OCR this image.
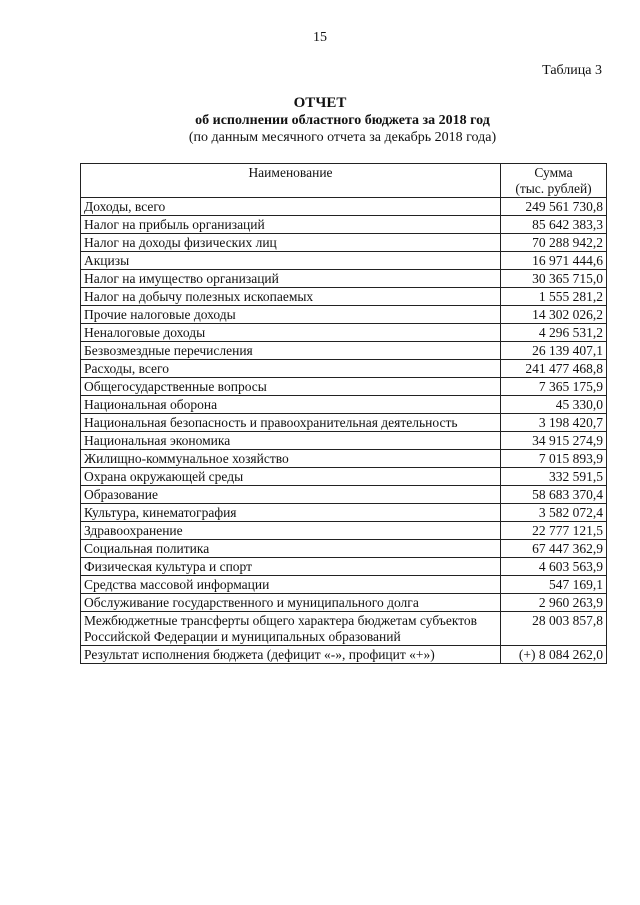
15
Таблица 3
ОТЧЕТ
об исполнении областного бюджета за 2018 год
(по данным месячного отчета за декабрь 2018 года)
Наименование	Сумма
(тыс. рублей)

Доходы, всего	249 561 730,8
Налог на прибыль организаций	85 642 383,3
Налог на доходы физических лиц	70 288 942,2
Акцизы	16 971 444,6
Налог на имущество организаций	30 365 715,0
Налог на добычу полезных ископаемых	1 555 281,2
Прочие налоговые доходы	14 302 026,2
Неналоговые доходы	4 296 531,2
Безвозмездные перечисления	26 139 407,1
Расходы, всего	241 477 468,8
Общегосударственные вопросы	7 365 175,9
Национальная оборона	45 330,0
Национальная безопасность и правоохранительная деятельность	3 198 420,7
Национальная экономика	34 915 274,9
Жилищно-коммунальное хозяйство	7 015 893,9
Охрана окружающей среды	332 591,5
Образование	58 683 370,4
Культура, кинематография	3 582 072,4
Здравоохранение	22 777 121,5
Социальная политика	67 447 362,9
Физическая культура и спорт	4 603 563,9
Средства массовой информации	547 169,1
Обслуживание государственного и муниципального долга	2 960 263,9
Межбюджетные трансферты общего характера бюджетам субъектов Российской Федерации и муниципальных образований	28 003 857,8
Результат исполнения бюджета (дефицит «-», профицит «+»)	(+) 8 084 262,0
